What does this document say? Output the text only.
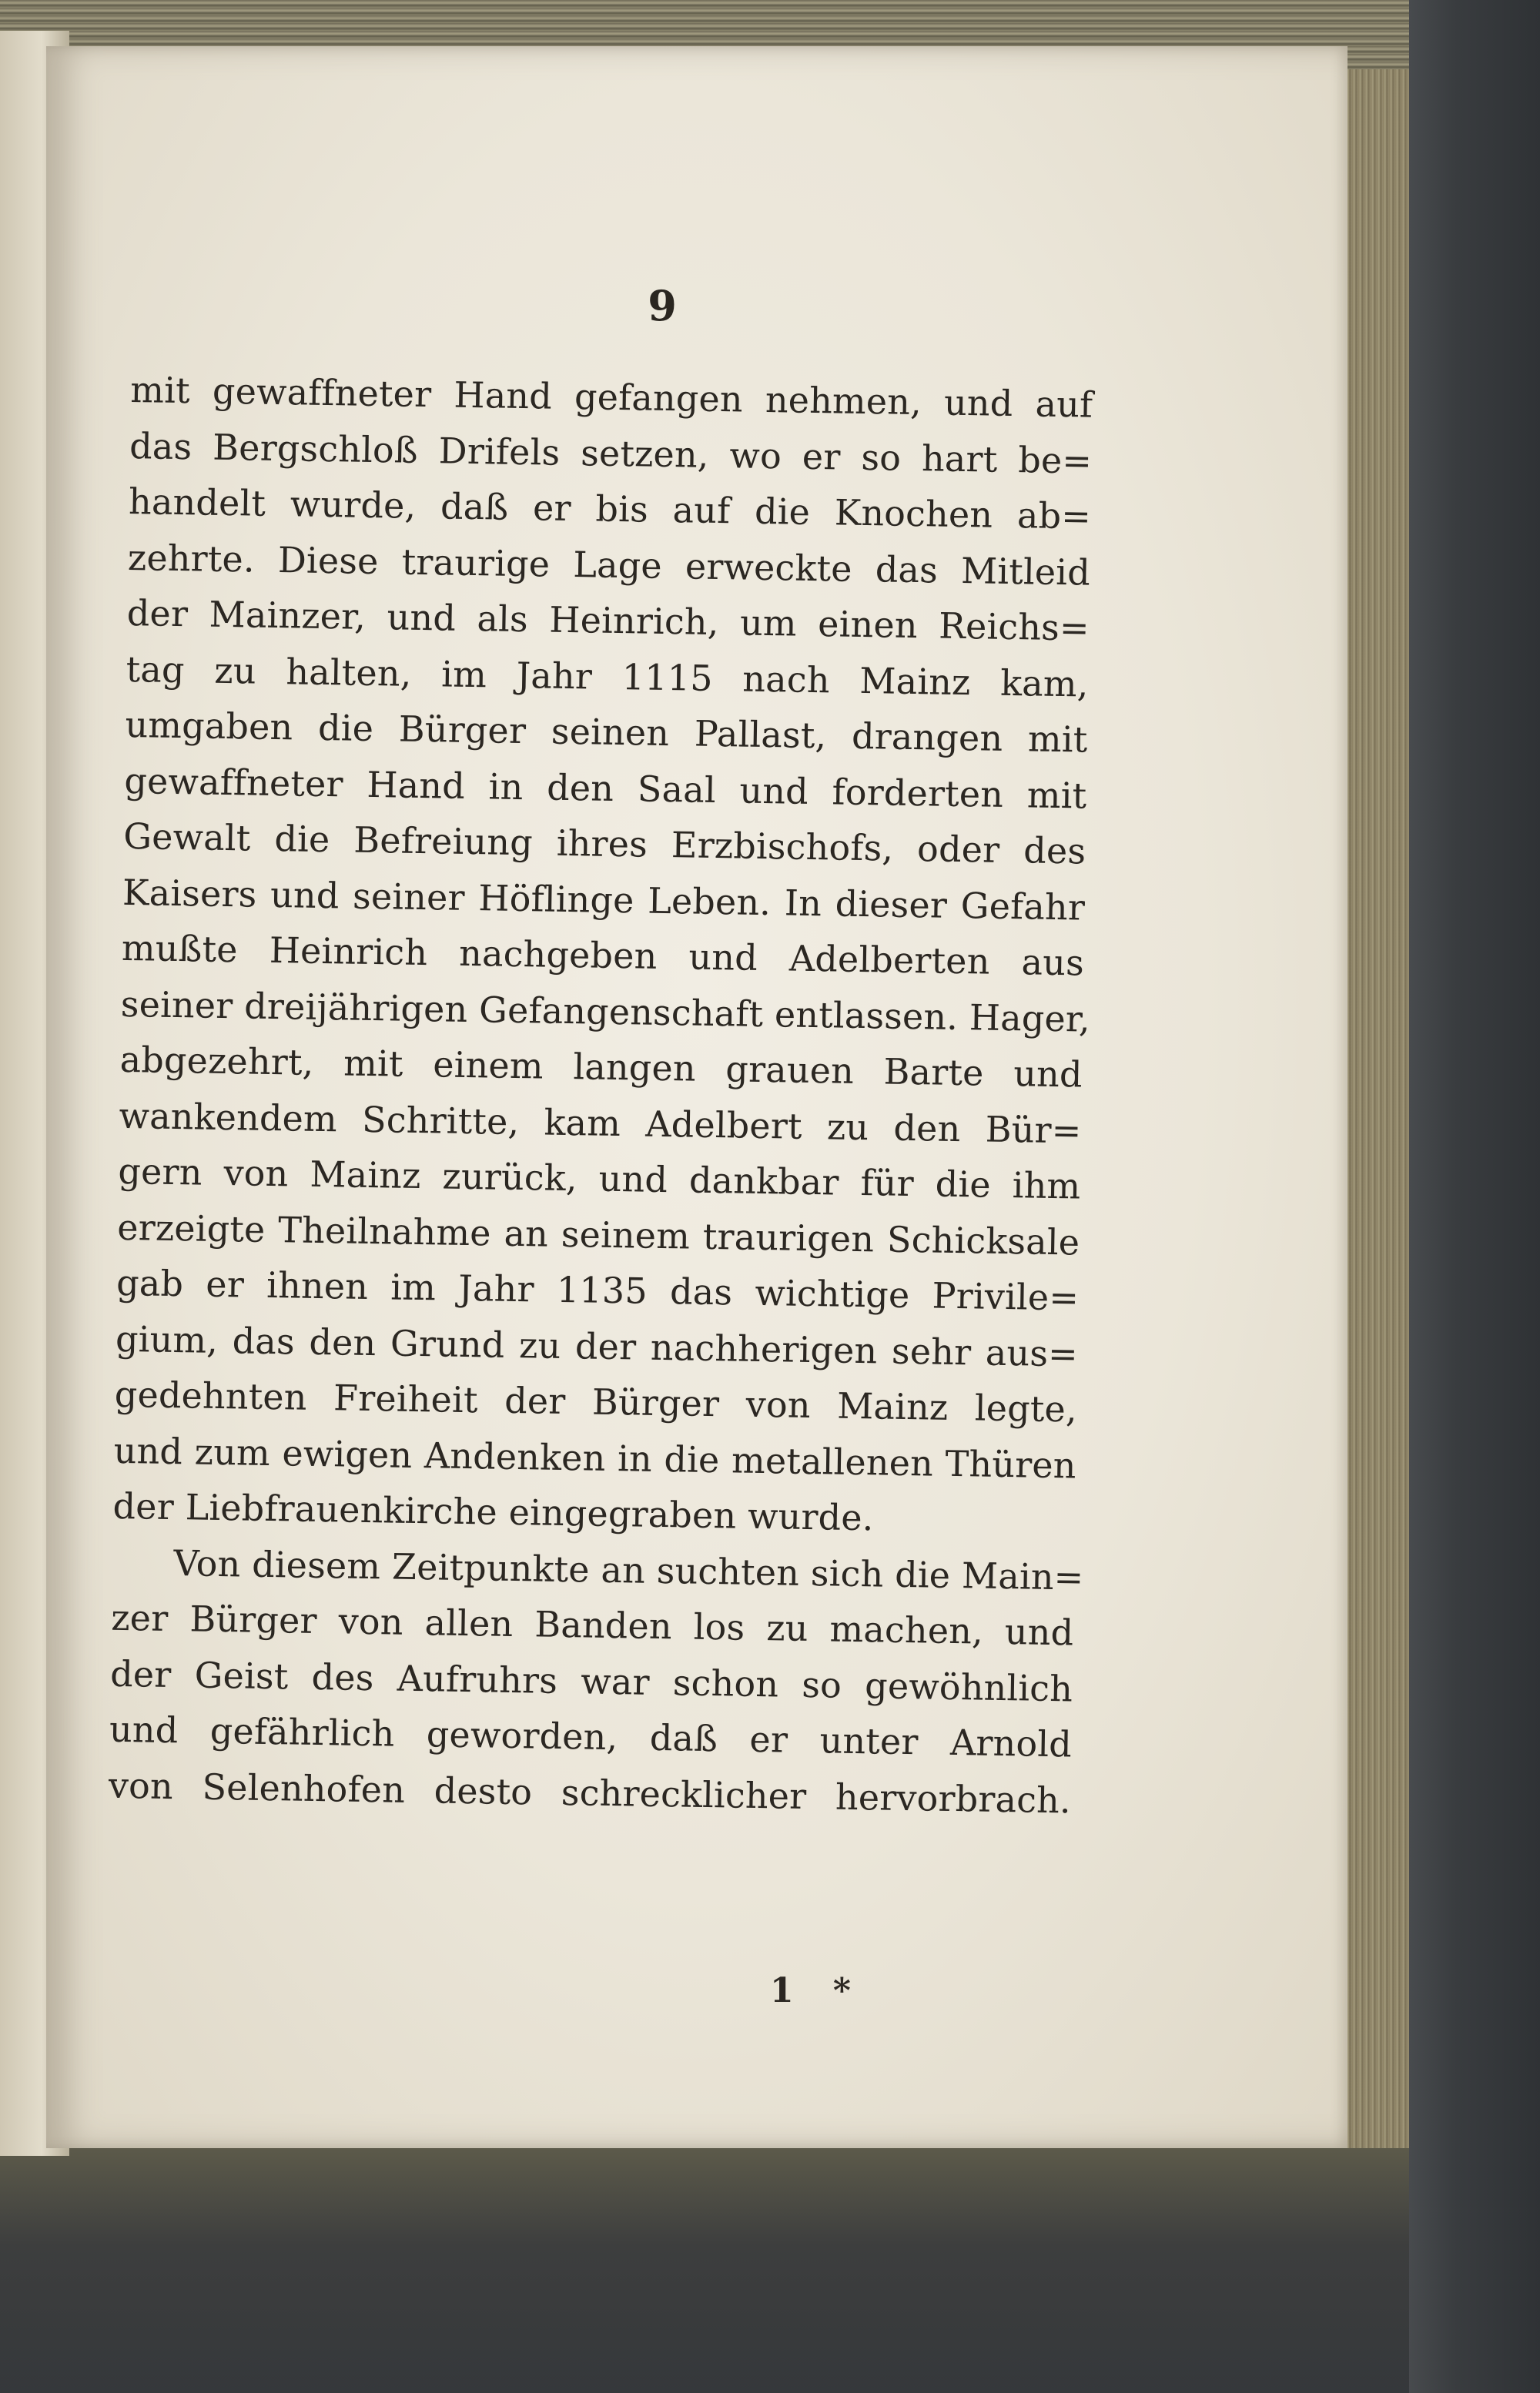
9
mit gewaffneter Hand gefangen nehmen, und auf
das Bergschloß Drifels setzen, wo er so hart be=
handelt wurde, daß er bis auf die Knochen ab=
zehrte. Diese traurige Lage erweckte das Mitleid
der Mainzer, und als Heinrich, um einen Reichs=
tag zu halten, im Jahr 1115 nach Mainz kam,
umgaben die Bürger seinen Pallast, drangen mit
gewaffneter Hand in den Saal und forderten mit
Gewalt die Befreiung ihres Erzbischofs, oder des
Kaisers und seiner Höflinge Leben. In dieser Gefahr
mußte Heinrich nachgeben und Adelberten aus
seiner dreijährigen Gefangenschaft entlassen. Hager,
abgezehrt, mit einem langen grauen Barte und
wankendem Schritte, kam Adelbert zu den Bür=
gern von Mainz zurück, und dankbar für die ihm
erzeigte Theilnahme an seinem traurigen Schicksale
gab er ihnen im Jahr 1135 das wichtige Privile=
gium, das den Grund zu der nachherigen sehr aus=
gedehnten Freiheit der Bürger von Mainz legte,
und zum ewigen Andenken in die metallenen Thüren
der Liebfrauenkirche eingegraben wurde.
Von diesem Zeitpunkte an suchten sich die Main=
zer Bürger von allen Banden los zu machen, und
der Geist des Aufruhrs war schon so gewöhnlich
und gefährlich geworden, daß er unter Arnold
von Selenhofen desto schrecklicher hervorbrach.
1 *
